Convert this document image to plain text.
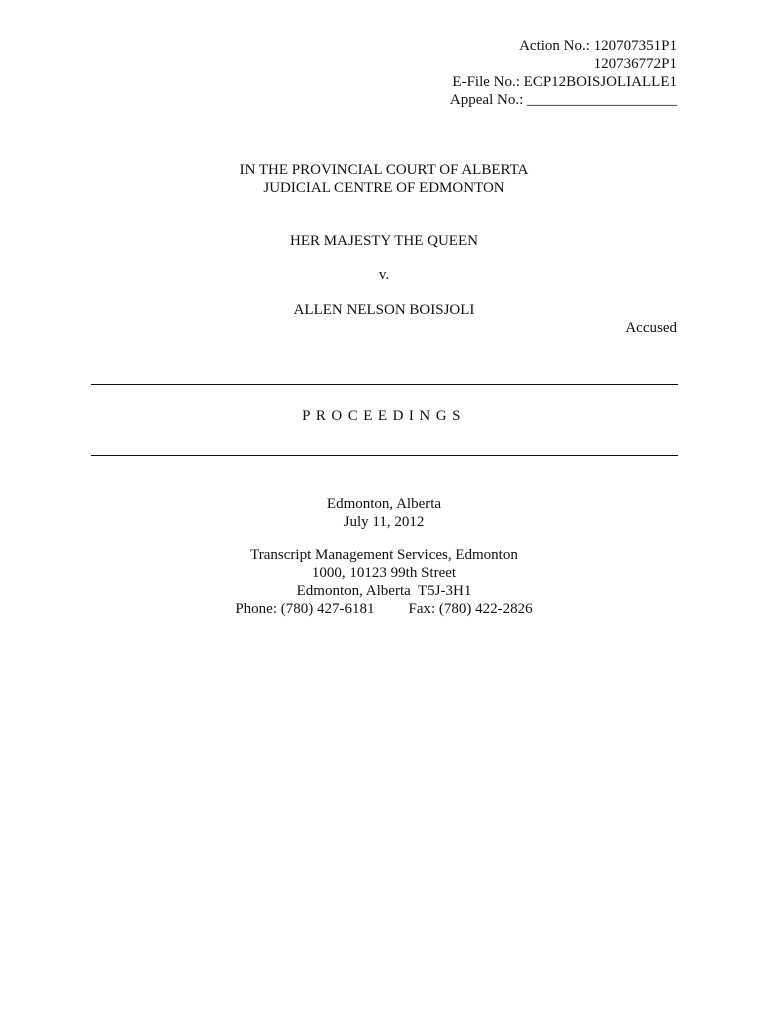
Action No.: 120707351P1
120736772P1
E-File No.: ECP12BOISJOLIALLE1
Appeal No.: ____________________
IN THE PROVINCIAL COURT OF ALBERTA
JUDICIAL CENTRE OF EDMONTON
HER MAJESTY THE QUEEN
v.
ALLEN NELSON BOISJOLI
Accused
PROCEEDINGS
Edmonton, Alberta
July 11, 2012
Transcript Management Services, Edmonton
1000, 10123 99th Street
Edmonton, Alberta  T5J-3H1
Phone: (780) 427-6181 Fax: (780) 422-2826
